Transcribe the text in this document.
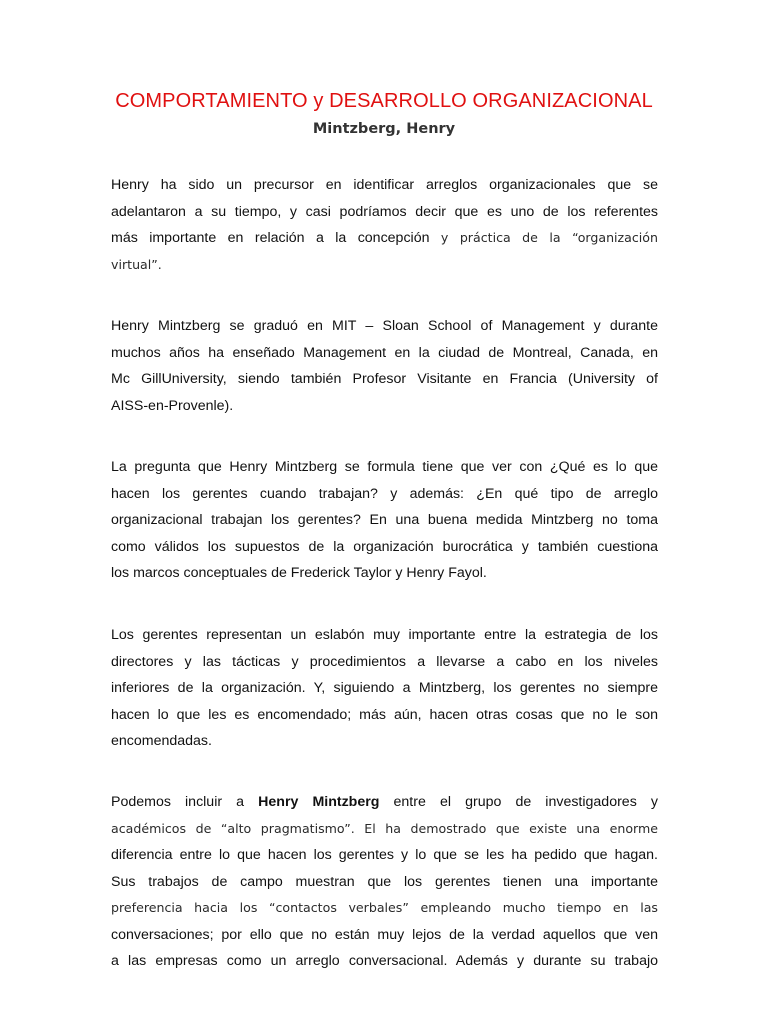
COMPORTAMIENTO y DESARROLLO ORGANIZACIONAL
Mintzberg, Henry
Henry ha sido un precursor en identificar arreglos organizacionales que se
adelantaron a su tiempo, y casi podríamos decir que es uno de los referentes
más importante en relación a la concepción y práctica de la “organización
virtual”.
Henry Mintzberg se graduó en MIT – Sloan School of Management y durante
muchos años ha enseñado Management en la ciudad de Montreal, Canada, en
Mc GillUniversity, siendo también Profesor Visitante en Francia (University of
AISS-en-Provenle).
La pregunta que Henry Mintzberg se formula tiene que ver con ¿Qué es lo que
hacen los gerentes cuando trabajan? y además: ¿En qué tipo de arreglo
organizacional trabajan los gerentes? En una buena medida Mintzberg no toma
como válidos los supuestos de la organización burocrática y también cuestiona
los marcos conceptuales de Frederick Taylor y Henry Fayol.
Los gerentes representan un eslabón muy importante entre la estrategia de los
directores y las tácticas y procedimientos a llevarse a cabo en los niveles
inferiores de la organización. Y, siguiendo a Mintzberg, los gerentes no siempre
hacen lo que les es encomendado; más aún, hacen otras cosas que no le son
encomendadas.
Podemos incluir a Henry Mintzberg entre el grupo de investigadores y
académicos de “alto pragmatismo”. El ha demostrado que existe una enorme
diferencia entre lo que hacen los gerentes y lo que se les ha pedido que hagan.
Sus trabajos de campo muestran que los gerentes tienen una importante
preferencia hacia los “contactos verbales” empleando mucho tiempo en las
conversaciones; por ello que no están muy lejos de la verdad aquellos que ven
a las empresas como un arreglo conversacional. Además y durante su trabajo
